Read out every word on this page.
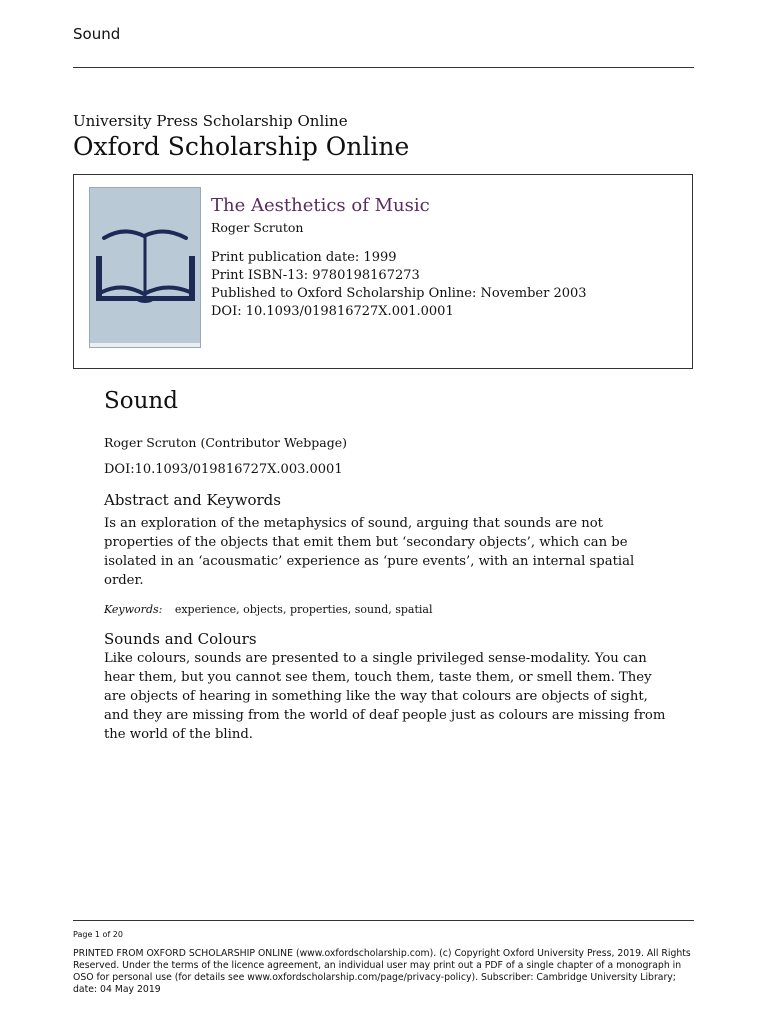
Sound
University Press Scholarship Online
Oxford Scholarship Online
The Aesthetics of Music
Roger Scruton
Print publication date: 1999
Print ISBN-13: 9780198167273
Published to Oxford Scholarship Online: November 2003
DOI: 10.1093/019816727X.001.0001
Sound
Roger Scruton (Contributor Webpage)
DOI:10.1093/019816727X.003.0001
Abstract and Keywords
Is an exploration of the metaphysics of sound, arguing that sounds are not properties of the objects that emit them but ‘secondary objects’, which can be isolated in an ‘acousmatic’ experience as ‘pure events’, with an internal spatial order.
Keywords: experience, objects, properties, sound, spatial
Sounds and Colours
Like colours, sounds are presented to a single privileged sense-modality. You can hear them, but you cannot see them, touch them, taste them, or smell them. They are objects of hearing in something like the way that colours are objects of sight, and they are missing from the world of deaf people just as colours are missing from the world of the blind.
Page 1 of 20
PRINTED FROM OXFORD SCHOLARSHIP ONLINE (www.oxfordscholarship.com). (c) Copyright Oxford University Press, 2019. All Rights Reserved. Under the terms of the licence agreement, an individual user may print out a PDF of a single chapter of a monograph in OSO for personal use (for details see www.oxfordscholarship.com/page/privacy-policy). Subscriber: Cambridge University Library; date: 04 May 2019
